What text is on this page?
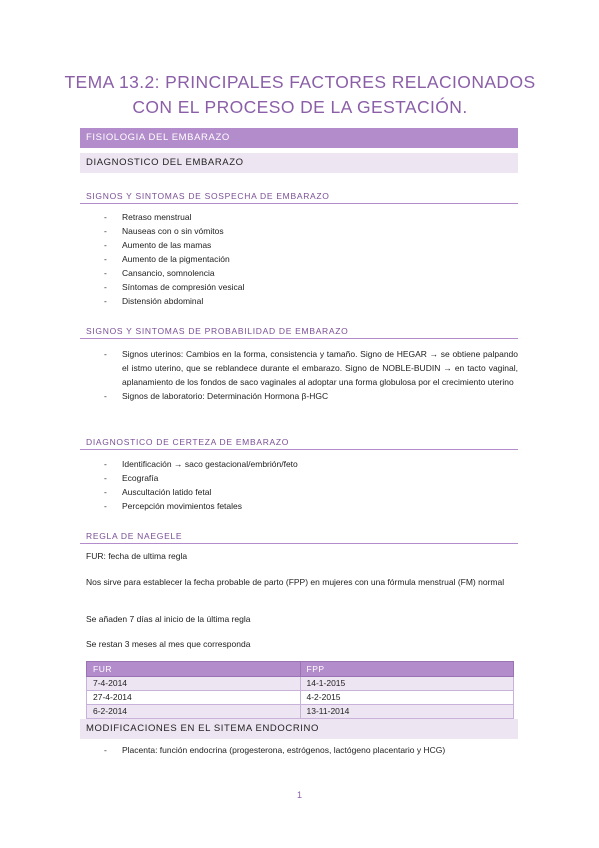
TEMA 13.2: PRINCIPALES FACTORES RELACIONADOS
CON EL PROCESO DE LA GESTACIÓN.
FISIOLOGIA DEL EMBARAZO
DIAGNOSTICO DEL EMBARAZO
SIGNOS Y SINTOMAS DE SOSPECHA DE EMBARAZO
- Retraso menstrual
- Nauseas con o sin vómitos
- Aumento de las mamas
- Aumento de la pigmentación
- Cansancio, somnolencia
- Síntomas de compresión vesical
- Distensión abdominal
SIGNOS Y SINTOMAS DE PROBABILIDAD DE EMBARAZO
- Signos uterinos: Cambios en la forma, consistencia y tamaño. Signo de HEGAR → se obtiene palpando el istmo uterino, que se reblandece durante el embarazo. Signo de NOBLE-BUDIN → en tacto vaginal, aplanamiento de los fondos de saco vaginales al adoptar una forma globulosa por el crecimiento uterino
- Signos de laboratorio: Determinación Hormona β-HGC
DIAGNOSTICO DE CERTEZA DE EMBARAZO
- Identificación → saco gestacional/embrión/feto
- Ecografía
- Auscultación latido fetal
- Percepción movimientos fetales
REGLA DE NAEGELE
FUR: fecha de ultima regla
Nos sirve para establecer la fecha probable de parto (FPP) en mujeres con una fórmula menstrual (FM) normal
Se añaden 7 días al inicio de la última regla
Se restan 3 meses al mes que corresponda
FUR	FPP
7-4-2014	14-1-2015
27-4-2014	4-2-2015
6-2-2014	13-11-2014
MODIFICACIONES EN EL SITEMA ENDOCRINO
- Placenta: función endocrina (progesterona, estrógenos, lactógeno placentario y HCG)
1
